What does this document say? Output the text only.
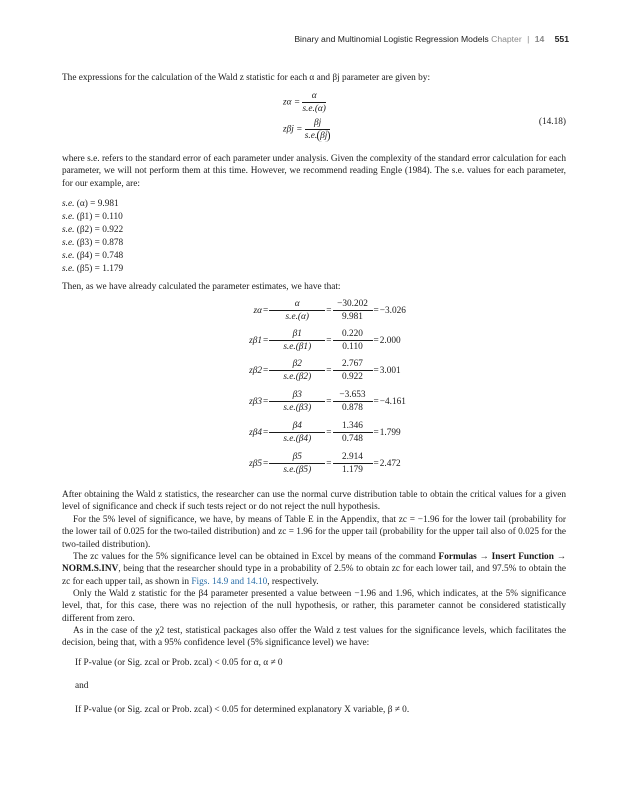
Binary and Multinomial Logistic Regression Models Chapter | 14 551

The expressions for the calculation of the Wald z statistic for each α and βj parameter are given by:

$z\alpha = \frac{\alpha}{s.e.(\alpha)}$
$z\beta j = \frac{\beta j}{s.e. \beta j}$	(14.18)

where s.e. refers to the standard error of each parameter under analysis. Given the complexity of the standard error calculation for each parameter, we will not perform them at this time. However, we recommend reading Engle (1984). The s.e. values for each parameter, for our example, are:

s.e. (α) = 9.981
s.e. (β1) = 0.110
s.e. (β2) = 0.922
s.e. (β3) = 0.878
s.e. (β4) = 0.748
s.e. (β5) = 1.179

Then, as we have already calculated the parameter estimates, we have that:

$z\alpha= \frac{\alpha}{s.e.(\alpha)} = \frac{-30.202}{9.981} =-3.026$
$z\beta 1= \frac{\beta 1}{s.e.(\beta 1)} = \frac{0.220}{0.110} =2.000$
$z\beta 2= \frac{\beta 2}{s.e.(\beta 2)} = \frac{2.767}{0.922} =3.001$
$z\beta 3= \frac{\beta 3}{s.e.(\beta 3)} = \frac{-3.653}{0.878} =-4.161$
$z\beta 4= \frac{\beta 4}{s.e.(\beta 4)} = \frac{1.346}{0.748} =1.799$
$z\beta 5= \frac{\beta 5}{s.e.(\beta 5)} = \frac{2.914}{1.179} =2.472$

After obtaining the Wald z statistics, the researcher can use the normal curve distribution table to obtain the critical values for a given level of significance and check if such tests reject or do not reject the null hypothesis.

For the 5% level of significance, we have, by means of Table E in the Appendix, that zc = −1.96 for the lower tail (probability for the lower tail of 0.025 for the two-tailed distribution) and zc = 1.96 for the upper tail (probability for the upper tail also of 0.025 for the two-tailed distribution).

The zc values for the 5% significance level can be obtained in Excel by means of the command Formulas → Insert Function → NORM.S.INV, being that the researcher should type in a probability of 2.5% to obtain zc for each lower tail, and 97.5% to obtain the zc for each upper tail, as shown in Figs. 14.9 and 14.10, respectively.

Only the Wald z statistic for the β4 parameter presented a value between −1.96 and 1.96, which indicates, at the 5% significance level, that, for this case, there was no rejection of the null hypothesis, or rather, this parameter cannot be considered statistically different from zero.

As in the case of the χ2 test, statistical packages also offer the Wald z test values for the significance levels, which facilitates the decision, being that, with a 95% confidence level (5% significance level) we have:

If P-value (or Sig. zcal or Prob. zcal) < 0.05 for α, α ≠ 0
and
If P-value (or Sig. zcal or Prob. zcal) < 0.05 for determined explanatory X variable, β ≠ 0.
